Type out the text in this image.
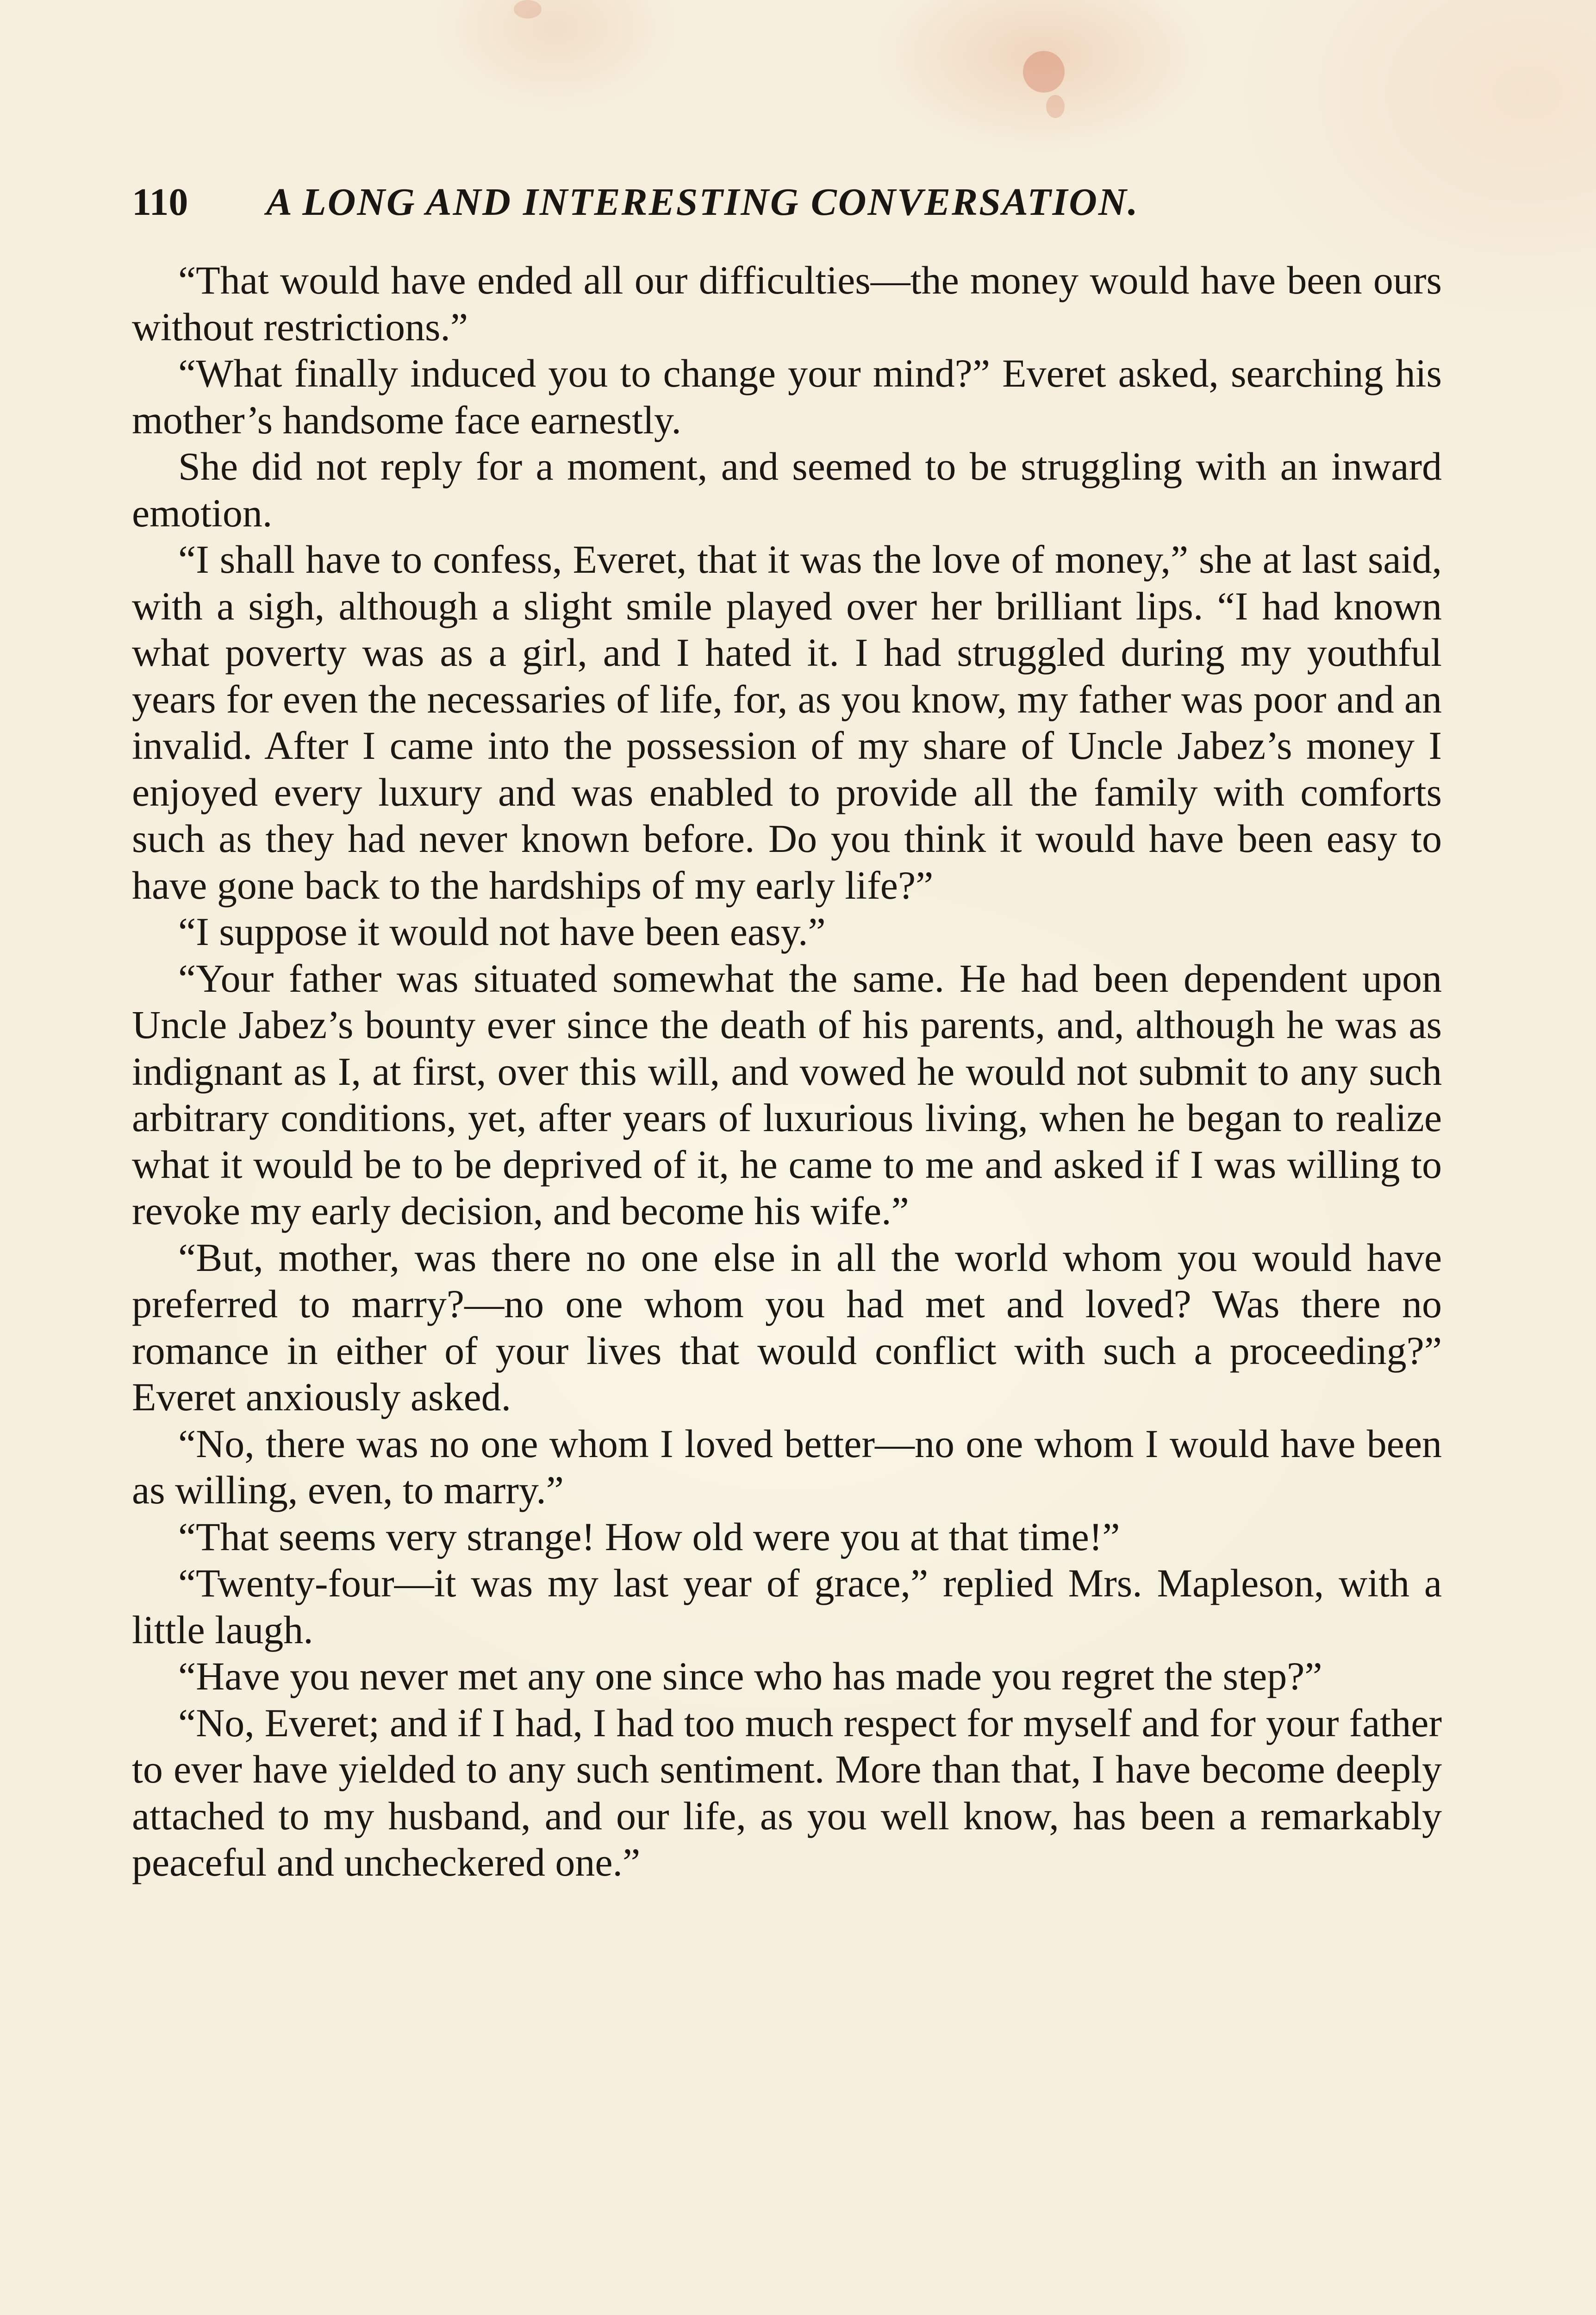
110	A LONG AND INTERESTING CONVERSATION.

“That would have ended all our difficulties—the money would have been ours without restrictions.”

“What finally induced you to change your mind?” Everet asked, searching his mother’s handsome face earnestly.

She did not reply for a moment, and seemed to be struggling with an inward emotion.

“I shall have to confess, Everet, that it was the love of money,” she at last said, with a sigh, although a slight smile played over her brilliant lips. “I had known what poverty was as a girl, and I hated it. I had struggled during my youthful years for even the necessaries of life, for, as you know, my father was poor and an invalid. After I came into the possession of my share of Uncle Jabez’s money I enjoyed every luxury and was enabled to provide all the family with comforts such as they had never known before. Do you think it would have been easy to have gone back to the hardships of my early life?”

“I suppose it would not have been easy.”

“Your father was situated somewhat the same. He had been dependent upon Uncle Jabez’s bounty ever since the death of his parents, and, although he was as indignant as I, at first, over this will, and vowed he would not submit to any such arbitrary conditions, yet, after years of luxurious living, when he began to realize what it would be to be deprived of it, he came to me and asked if I was willing to revoke my early decision, and become his wife.”

“But, mother, was there no one else in all the world whom you would have preferred to marry?—no one whom you had met and loved? Was there no romance in either of your lives that would conflict with such a proceeding?” Everet anxiously asked.

“No, there was no one whom I loved better—no one whom I would have been as willing, even, to marry.”

“That seems very strange! How old were you at that time!”

“Twenty-four—it was my last year of grace,” replied Mrs. Mapleson, with a little laugh.

“Have you never met any one since who has made you regret the step?”

“No, Everet; and if I had, I had too much respect for myself and for your father to ever have yielded to any such sentiment. More than that, I have become deeply attached to my husband, and our life, as you well know, has been a remarkably peaceful and uncheckered one.”
